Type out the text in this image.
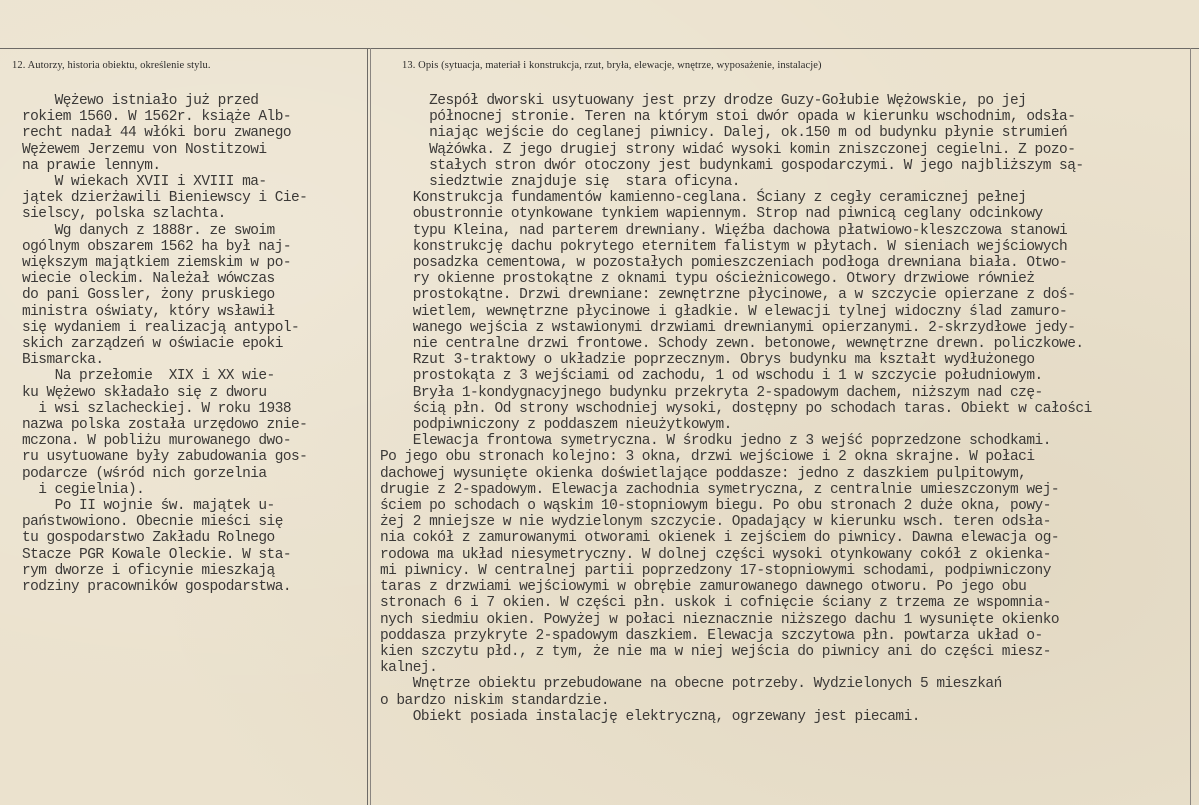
12. Autorzy, historia obiektu, określenie stylu.	13. Opis (sytuacja, materiał i konstrukcja, rzut, bryła, elewacje, wnętrze, wyposażenie, instalacje)
Wężewo istniało już przed
rokiem 1560. W 1562r. książe Alb-
recht nadał 44 włóki boru zwanego
Wężewem Jerzemu von Nostitzowi
na prawie lennym.
W wiekach XVII i XVIII ma-
jątek dzierżawili Bieniewscy i Cie-
sielscy, polska szlachta.
Wg danych z 1888r. ze swoim
ogólnym obszarem 1562 ha był naj-
większym majątkiem ziemskim w po-
wiecie oleckim. Należał wówczas
do pani Gossler, żony pruskiego
ministra oświaty, który wsławił
się wydaniem i realizacją antypol-
skich zarządzeń w oświacie epoki
Bismarcka.
Na przełomie  XIX i XX wie-
ku Wężewo składało się z dworu
i wsi szlacheckiej. W roku 1938
nazwa polska została urzędowo znie-
mczona. W pobliżu murowanego dwo-
ru usytuowane były zabudowania gos-
podarcze (wśród nich gorzelnia
i cegielnia).
Po II wojnie św. majątek u-
państwowiono. Obecnie mieści się
tu gospodarstwo Zakładu Rolnego
Stacze PGR Kowale Oleckie. W sta-
rym dworze i oficynie mieszkają
rodziny pracowników gospodarstwa.
Zespół dworski usytuowany jest przy drodze Guzy-Gołubie Wężowskie, po jej
północnej stronie. Teren na którym stoi dwór opada w kierunku wschodnim, odsła-
niając wejście do ceglanej piwnicy. Dalej, ok.150 m od budynku płynie strumień
Wążówka. Z jego drugiej strony widać wysoki komin zniszczonej cegielni. Z pozo-
stałych stron dwór otoczony jest budynkami gospodarczymi. W jego najbliższym są-
siedztwie znajduje się  stara oficyna.
Konstrukcja fundamentów kamienno-ceglana. Ściany z cegły ceramicznej pełnej
obustronnie otynkowane tynkiem wapiennym. Strop nad piwnicą ceglany odcinkowy
typu Kleina, nad parterem drewniany. Więźba dachowa płatwiowo-kleszczowa stanowi
konstrukcję dachu pokrytego eternitem falistym w płytach. W sieniach wejściowych
posadzka cementowa, w pozostałych pomieszczeniach podłoga drewniana biała. Otwo-
ry okienne prostokątne z oknami typu ościeżnicowego. Otwory drzwiowe również
prostokątne. Drzwi drewniane: zewnętrzne płycinowe, a w szczycie opierzane z doś-
wietlem, wewnętrzne płycinowe i gładkie. W elewacji tylnej widoczny ślad zamuro-
wanego wejścia z wstawionymi drzwiami drewnianymi opierzanymi. 2-skrzydłowe jedy-
nie centralne drzwi frontowe. Schody zewn. betonowe, wewnętrzne drewn. policzkowe.
Rzut 3-traktowy o układzie poprzecznym. Obrys budynku ma kształt wydłużonego
prostokąta z 3 wejściami od zachodu, 1 od wschodu i 1 w szczycie południowym.
Bryła 1-kondygnacyjnego budynku przekryta 2-spadowym dachem, niższym nad czę-
ścią płn. Od strony wschodniej wysoki, dostępny po schodach taras. Obiekt w całości
podpiwniczony z poddaszem nieużytkowym.
Elewacja frontowa symetryczna. W środku jedno z 3 wejść poprzedzone schodkami.
Po jego obu stronach kolejno: 3 okna, drzwi wejściowe i 2 okna skrajne. W połaci
dachowej wysunięte okienka doświetlające poddasze: jedno z daszkiem pulpitowym,
drugie z 2-spadowym. Elewacja zachodnia symetryczna, z centralnie umieszczonym wej-
ściem po schodach o wąskim 10-stopniowym biegu. Po obu stronach 2 duże okna, powy-
żej 2 mniejsze w nie wydzielonym szczycie. Opadający w kierunku wsch. teren odsła-
nia cokół z zamurowanymi otworami okienek i zejściem do piwnicy. Dawna elewacja og-
rodowa ma układ niesymetryczny. W dolnej części wysoki otynkowany cokół z okienka-
mi piwnicy. W centralnej partii poprzedzony 17-stopniowymi schodami, podpiwniczony
taras z drzwiami wejściowymi w obrębie zamurowanego dawnego otworu. Po jego obu
stronach 6 i 7 okien. W części płn. uskok i cofnięcie ściany z trzema ze wspomnia-
nych siedmiu okien. Powyżej w połaci nieznacznie niższego dachu 1 wysunięte okienko
poddasza przykryte 2-spadowym daszkiem. Elewacja szczytowa płn. powtarza układ o-
kien szczytu płd., z tym, że nie ma w niej wejścia do piwnicy ani do części miesz-
kalnej.
Wnętrze obiektu przebudowane na obecne potrzeby. Wydzielonych 5 mieszkań
o bardzo niskim standardzie.
Obiekt posiada instalację elektryczną, ogrzewany jest piecami.
